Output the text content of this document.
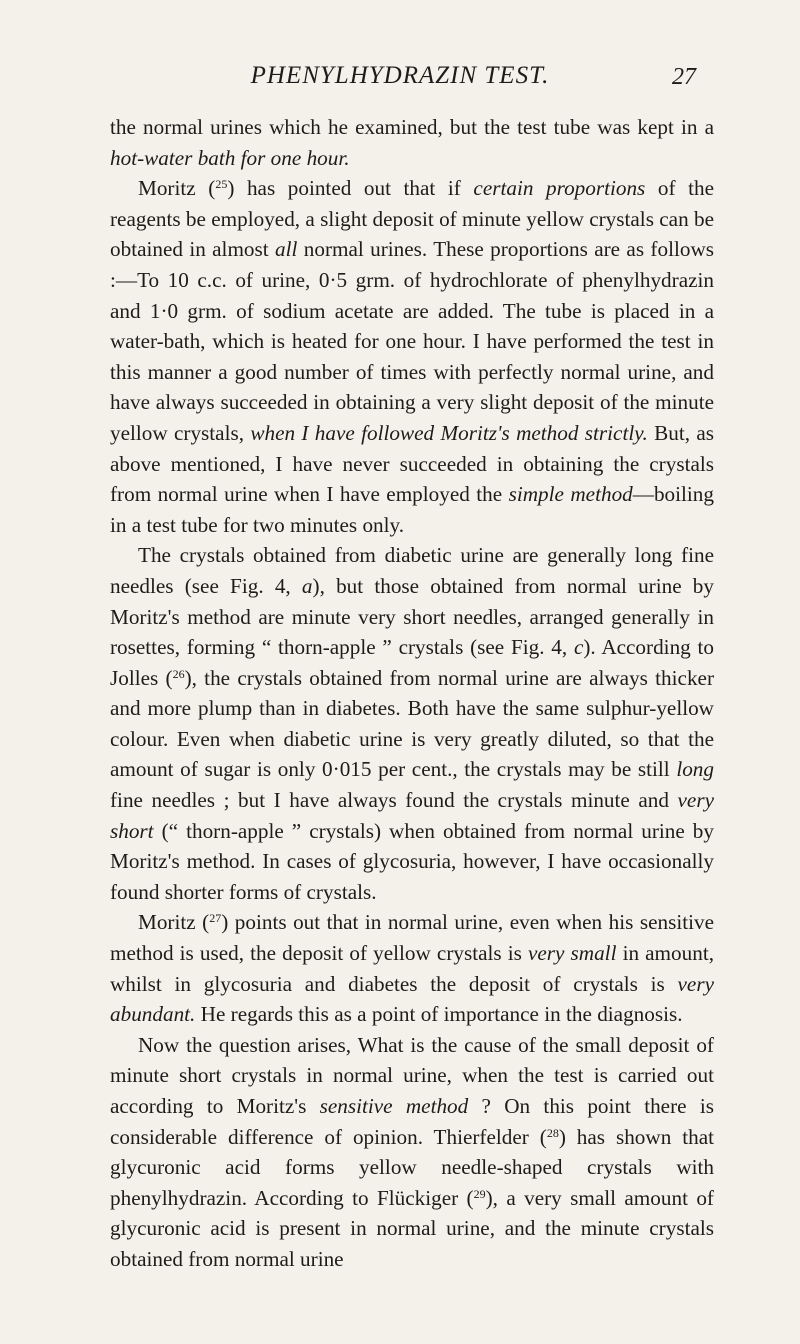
PHENYLHYDRAZIN TEST.	27

the normal urines which he examined, but the test tube was kept in a hot-water bath for one hour.

Moritz ($^{25}$) has pointed out that if certain proportions of the reagents be employed, a slight deposit of minute yellow crystals can be obtained in almost all normal urines. These proportions are as follows :—To 10 c.c. of urine, 0·5 grm. of hydrochlorate of phenylhydrazin and 1·0 grm. of sodium acetate are added. The tube is placed in a water-bath, which is heated for one hour. I have performed the test in this manner a good number of times with perfectly normal urine, and have always succeeded in obtaining a very slight deposit of the minute yellow crystals, when I have followed Moritz's method strictly. But, as above mentioned, I have never succeeded in obtaining the crystals from normal urine when I have employed the simple method—boiling in a test tube for two minutes only.

The crystals obtained from diabetic urine are generally long fine needles (see Fig. 4, a), but those obtained from normal urine by Moritz's method are minute very short needles, arranged generally in rosettes, forming “ thorn-apple ” crystals (see Fig. 4, c). According to Jolles ($^{26}$), the crystals obtained from normal urine are always thicker and more plump than in diabetes. Both have the same sulphur-yellow colour. Even when diabetic urine is very greatly diluted, so that the amount of sugar is only 0·015 per cent., the crystals may be still long fine needles ; but I have always found the crystals minute and very short (“ thorn-apple ” crystals) when obtained from normal urine by Moritz's method. In cases of glycosuria, however, I have occasionally found shorter forms of crystals.

Moritz ($^{27}$) points out that in normal urine, even when his sensitive method is used, the deposit of yellow crystals is very small in amount, whilst in glycosuria and diabetes the deposit of crystals is very abundant. He regards this as a point of importance in the diagnosis.

Now the question arises, What is the cause of the small deposit of minute short crystals in normal urine, when the test is carried out according to Moritz's sensitive method ? On this point there is considerable difference of opinion. Thierfelder ($^{28}$) has shown that glycuronic acid forms yellow needle-shaped crystals with phenylhydrazin. According to Flückiger ($^{29}$), a very small amount of glycuronic acid is present in normal urine, and the minute crystals obtained from normal urine
